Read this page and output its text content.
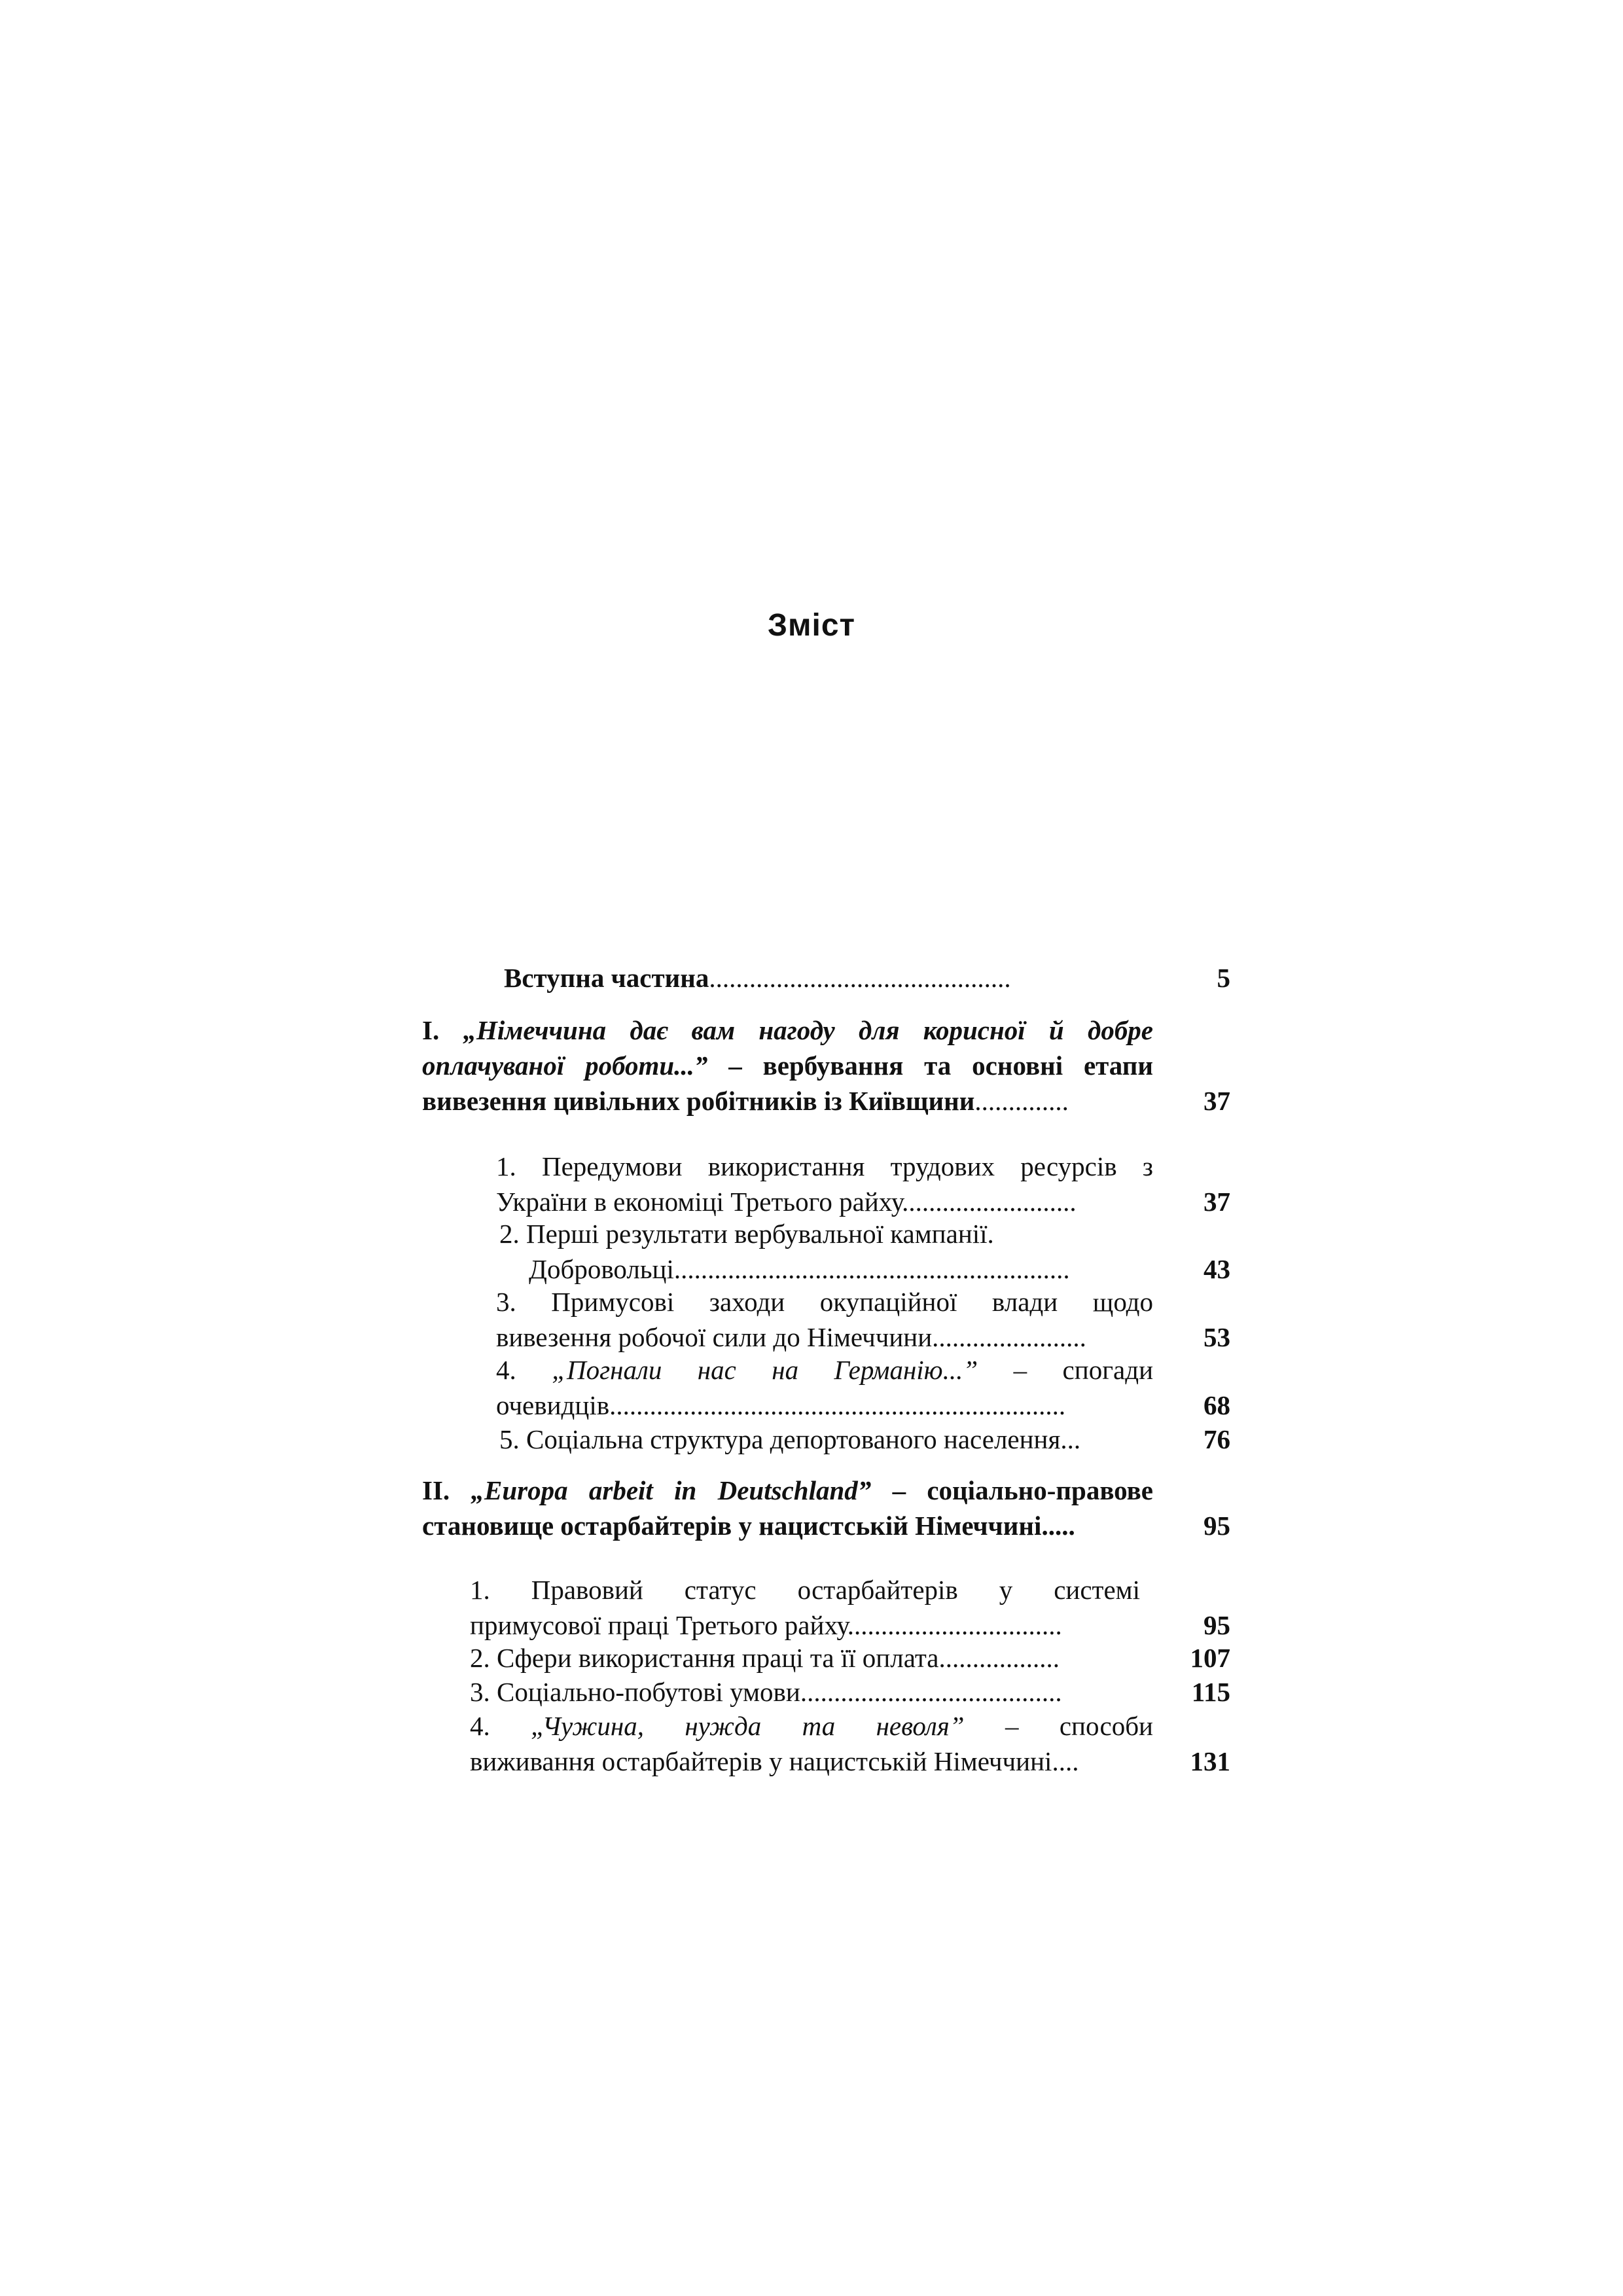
Зміст
Вступна частина.............................................	5
I. „Німеччина дає вам нагоду для корисної й добре
оплачуваної роботи...” – вербування та основні етапи
вивезення цивільних робітників із Київщини..............	37
1. Передумови використання трудових ресурсів з
України в економіці Третього райху..........................	37
2. Перші результати вербувальної кампанії.
Добровольці...........................................................	43
3. Примусові заходи окупаційної влади щодо
вивезення робочої сили до Німеччини.......................	53
4. „Погнали нас на Германію...” – спогади
очевидців....................................................................	68
5. Соціальна структура депортованого населення...	76
II. „Europa arbeit in Deutschland” – соціально-правове
становище остарбайтерів у нацистській Німеччині.....	95
1. Правовий статус остарбайтерів у системі
примусової праці Третього райху................................	95
2. Сфери використання праці та її оплата..................	107
3. Соціально-побутові умови.......................................	115
4. „Чужина, нужда та неволя” – способи
виживання остарбайтерів у нацистській Німеччині....	131
